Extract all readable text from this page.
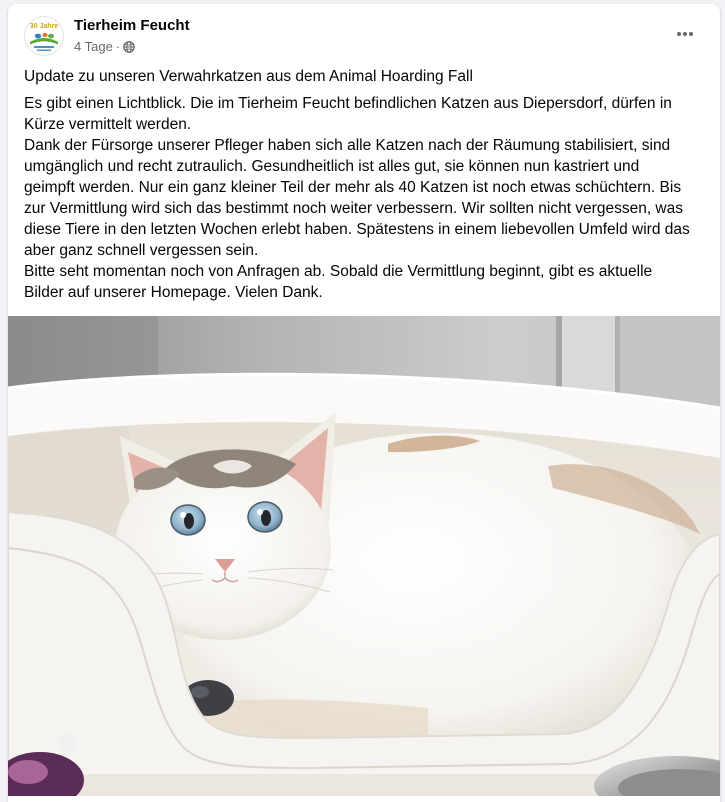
30 Jahre Tierheim Feucht
4 Tage ·
Update zu unseren Verwahrkatzen aus dem Animal Hoarding Fall
Es gibt einen Lichtblick. Die im Tierheim Feucht befindlichen Katzen aus Diepersdorf, dürfen in
Kürze vermittelt werden.
Dank der Fürsorge unserer Pfleger haben sich alle Katzen nach der Räumung stabilisiert, sind
umgänglich und recht zutraulich. Gesundheitlich ist alles gut, sie können nun kastriert und
geimpft werden. Nur ein ganz kleiner Teil der mehr als 40 Katzen ist noch etwas schüchtern. Bis
zur Vermittlung wird sich das bestimmt noch weiter verbessern. Wir sollten nicht vergessen, was
diese Tiere in den letzten Wochen erlebt haben. Spätestens in einem liebevollen Umfeld wird das
aber ganz schnell vergessen sein.
Bitte seht momentan noch von Anfragen ab. Sobald die Vermittlung beginnt, gibt es aktuelle
Bilder auf unserer Homepage. Vielen Dank.
